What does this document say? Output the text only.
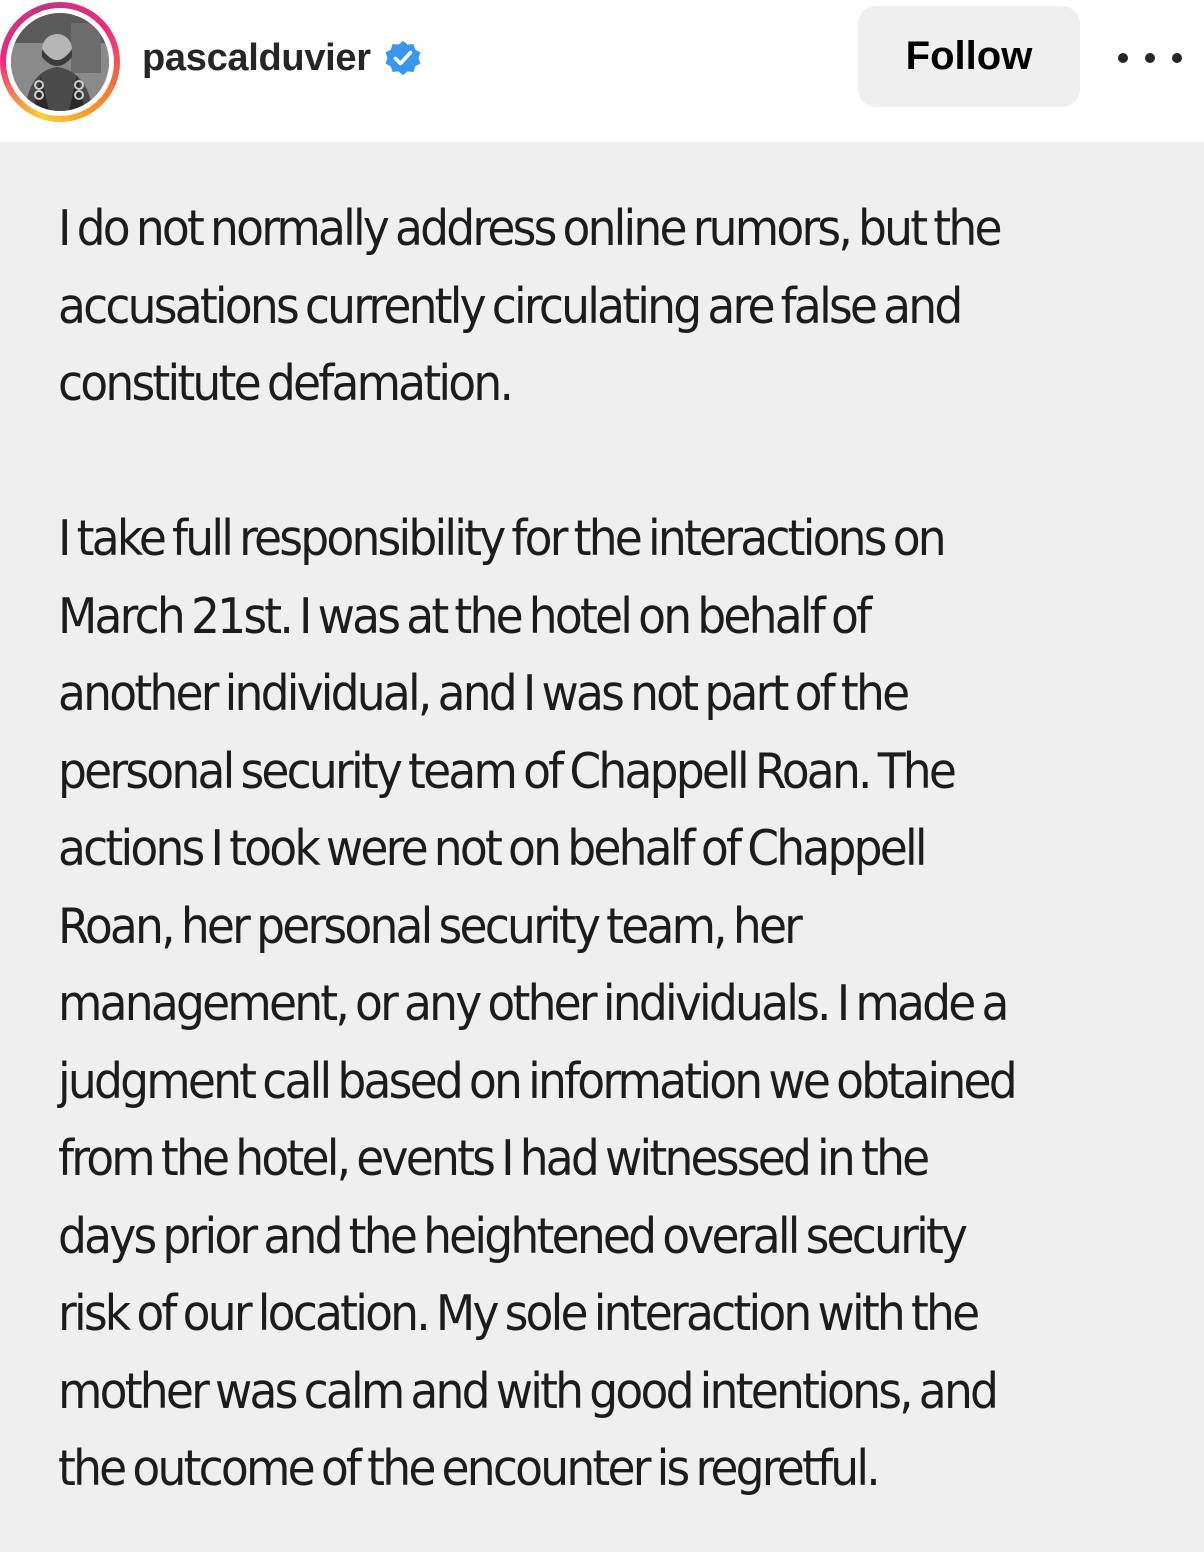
pascalduvier	Follow

I do not normally address online rumors, but the
accusations currently circulating are false and
constitute defamation.

I take full responsibility for the interactions on
March 21st. I was at the hotel on behalf of
another individual, and I was not part of the
personal security team of Chappell Roan. The
actions I took were not on behalf of Chappell
Roan, her personal security team, her
management, or any other individuals. I made a
judgment call based on information we obtained
from the hotel, events I had witnessed in the
days prior and the heightened overall security
risk of our location. My sole interaction with the
mother was calm and with good intentions, and
the outcome of the encounter is regretful.
